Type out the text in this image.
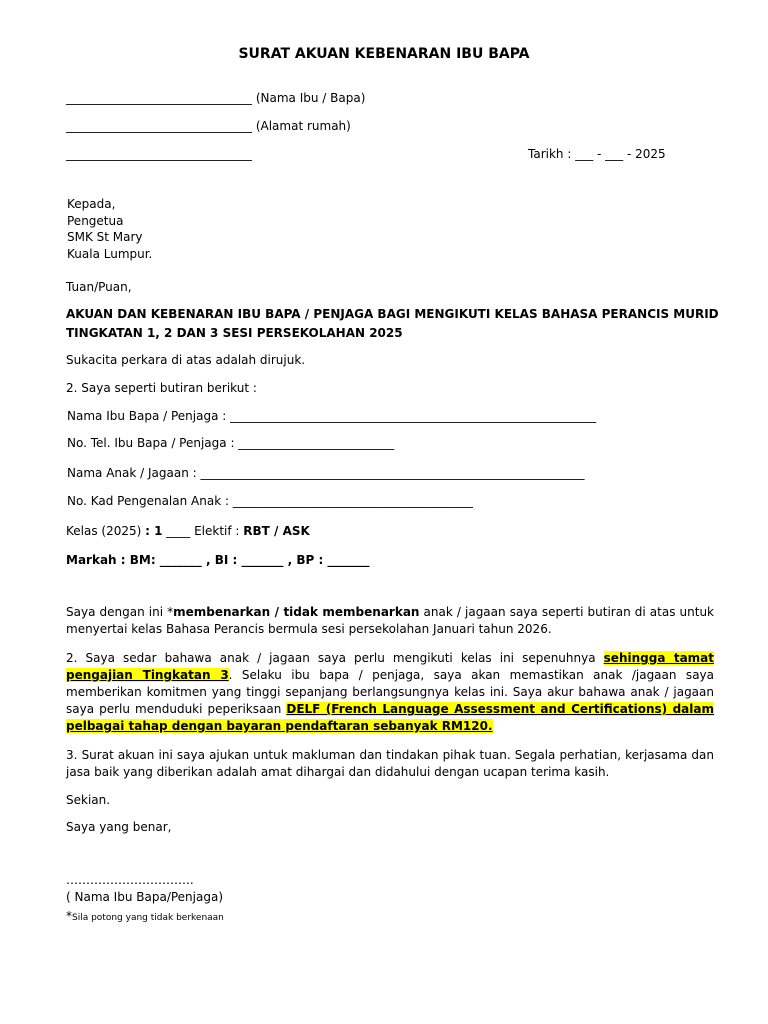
SURAT AKUAN KEBENARAN IBU BAPA
_______________________________ (Nama Ibu / Bapa)
_______________________________ (Alamat rumah)
_______________________________	Tarikh : ___ - ___ - 2025
Kepada,
Pengetua
SMK St Mary
Kuala Lumpur.
Tuan/Puan,
AKUAN DAN KEBENARAN IBU BAPA / PENJAGA BAGI MENGIKUTI KELAS BAHASA PERANCIS MURID
TINGKATAN 1, 2 DAN 3 SESI PERSEKOLAHAN 2025
Sukacita perkara di atas adalah dirujuk.
2. Saya seperti butiran berikut :
Nama Ibu Bapa / Penjaga : _____________________________________________________________
No. Tel. Ibu Bapa / Penjaga : __________________________
Nama Anak / Jagaan : ________________________________________________________________
No. Kad Pengenalan Anak : ________________________________________
Kelas (2025) : 1 ____ Elektif : RBT / ASK
Markah : BM: _______ , BI : _______ , BP : _______
Saya dengan ini *membenarkan / tidak membenarkan anak / jagaan saya seperti butiran di atas untuk menyertai kelas Bahasa Perancis bermula sesi persekolahan Januari tahun 2026.
2. Saya sedar bahawa anak / jagaan saya perlu mengikuti kelas ini sepenuhnya sehingga tamat pengajian Tingkatan 3. Selaku ibu bapa / penjaga, saya akan memastikan anak /jagaan saya memberikan komitmen yang tinggi sepanjang berlangsungnya kelas ini. Saya akur bahawa anak / jagaan saya perlu menduduki peperiksaan DELF (French Language Assessment and Certifications) dalam pelbagai tahap dengan bayaran pendaftaran sebanyak RM120.
3. Surat akuan ini saya ajukan untuk makluman dan tindakan pihak tuan. Segala perhatian, kerjasama dan jasa baik yang diberikan adalah amat dihargai dan didahului dengan ucapan terima kasih.
Sekian.
Saya yang benar,
…………………………..
( Nama Ibu Bapa/Penjaga)
*Sila potong yang tidak berkenaan
